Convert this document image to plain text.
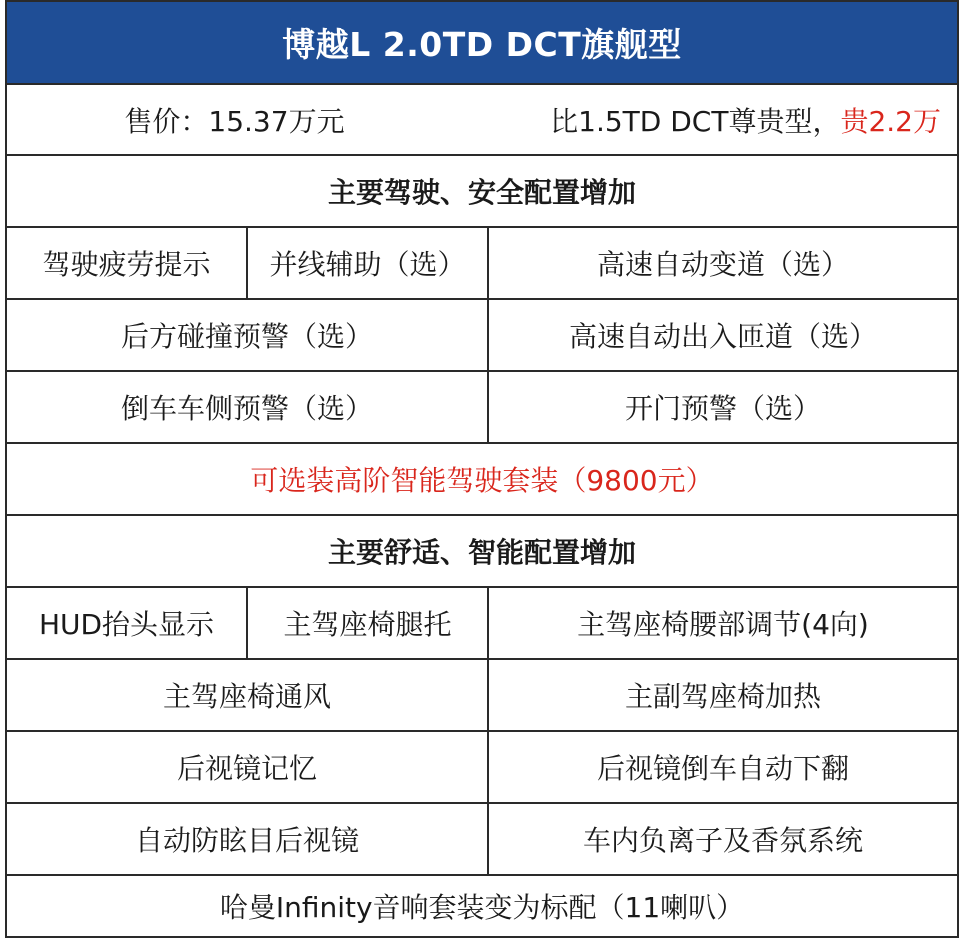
博越L 2.0TD DCT旗舰型
售价：15.37万元	比1.5TD DCT尊贵型， 贵2.2万
主要驾驶、安全配置增加
驾驶疲劳提示	并线辅助（选）	高速自动变道（选）
后方碰撞预警（选）	高速自动出入匝道（选）
倒车车侧预警（选）	开门预警（选）
可选装高阶智能驾驶套装（9800元）
主要舒适、智能配置增加
HUD抬头显示	主驾座椅腿托	主驾座椅腰部调节(4向)
主驾座椅通风	主副驾座椅加热
后视镜记忆	后视镜倒车自动下翻
自动防眩目后视镜	车内负离子及香氛系统
哈曼Infinity音响套装变为标配（11喇叭）
